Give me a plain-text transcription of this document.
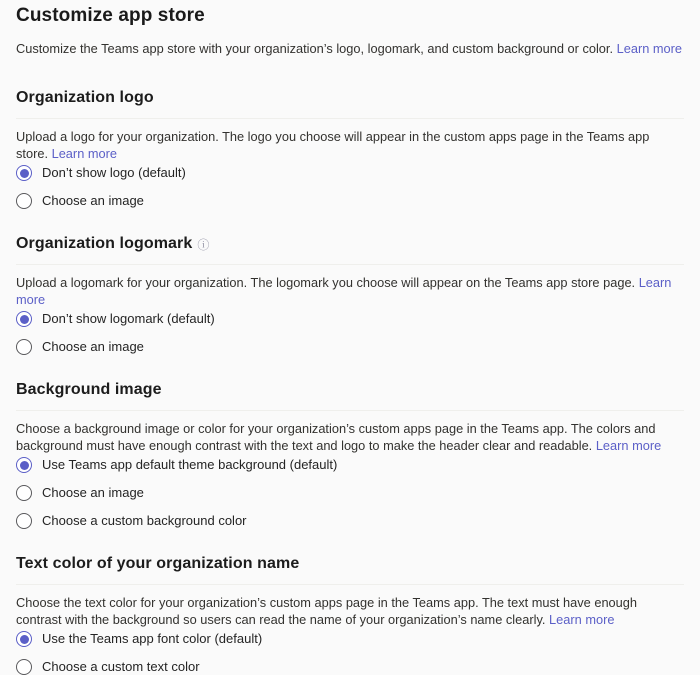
Customize app store

Customize the Teams app store with your organization’s logo, logomark, and custom background or color. Learn more

Organization logo

Upload a logo for your organization. The logo you choose will appear in the custom apps page in the Teams app store. Learn more

Don’t show logo (default)
Choose an image
Organization logomark ⓘ

Upload a logomark for your organization. The logomark you choose will appear on the Teams app store page. Learn more

Don’t show logomark (default)
Choose an image
Background image

Choose a background image or color for your organization’s custom apps page in the Teams app. The colors and background must have enough contrast with the text and logo to make the header clear and readable. Learn more

Use Teams app default theme background (default)
Choose an image
Choose a custom background color
Text color of your organization name

Choose the text color for your organization’s custom apps page in the Teams app. The text must have enough contrast with the background so users can read the name of your organization’s name clearly. Learn more

Use the Teams app font color (default)
Choose a custom text color
